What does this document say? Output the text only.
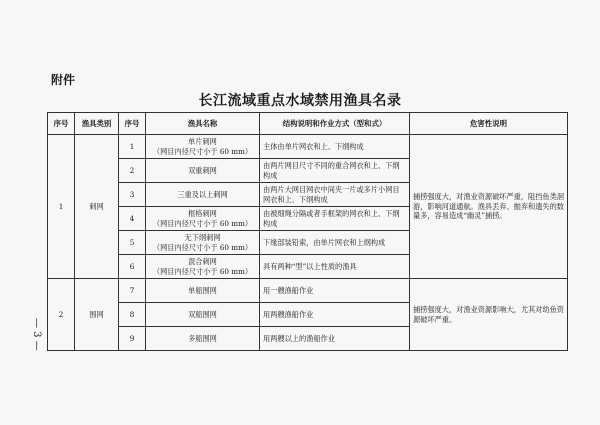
附件
长江流域重点水域禁用渔具名录
序号	渔具类别	序号	渔具名称	结构说明和作业方式（型和式）	危害性说明
1	刺网	1	单片刺网
（网目内径尺寸小于 60 mm）	主体由单片网衣和上、下纲构成	捕捞强度大，对渔业资源破坏严重，阻挡鱼类洄游，影响河道通航。渔具丢弃、抛弃和遗失的数量多，容易造成“幽灵”捕捞。
		2	双重刺网	由两片网目尺寸不同的重合网衣和上、下纲构成	
		3	三重及以上刺网	由两片大网目网衣中间夹一片或多片小网目网衣和上、下纲构成	
		4	框格刺网
（网目内径尺寸小于 60 mm）	由被细绳分隔或者手框架的网衣和上、下纲构成	
		5	无下纲刺网
（网目内径尺寸小于 60 mm）	下缘部装铅索，由单片网衣和上纲构成	
		6	混合刺网
（网目内径尺寸小于 60 mm）	具有两种“型”以上性质的渔具	
2	围网	7	单船围网	用一艘渔船作业	捕捞强度大，对渔业资源影响大，尤其对幼鱼资源破坏严重。
		8	双船围网	用两艘渔船作业	
		9	多船围网	用两艘以上的渔船作业	
— 3 —
